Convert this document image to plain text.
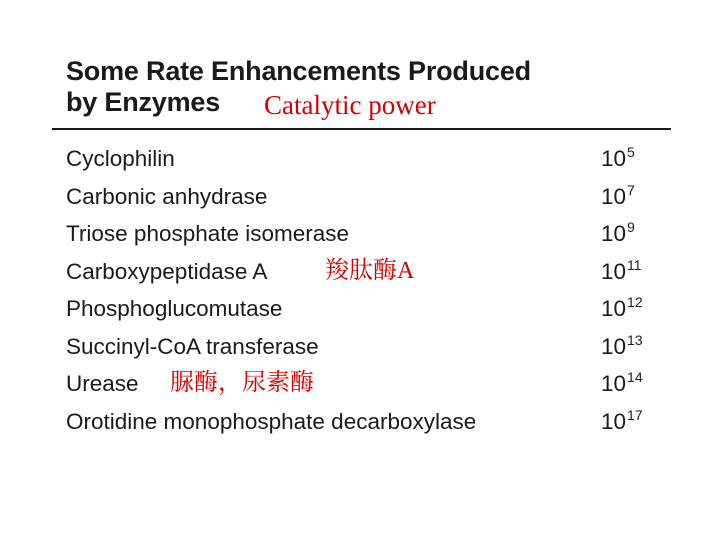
Some Rate Enhancements Produced
by Enzymes	Catalytic power
Cyclophilin	$10^5$
Carbonic anhydrase	$10^7$
Triose phosphate isomerase	$10^9$
Carboxypeptidase A 羧肽酶A	$10^{11}$
Phosphoglucomutase	$10^{12}$
Succinyl-CoA transferase	$10^{13}$
Urease 脲酶，尿素酶	$10^{14}$
Orotidine monophosphate decarboxylase	$10^{17}$
